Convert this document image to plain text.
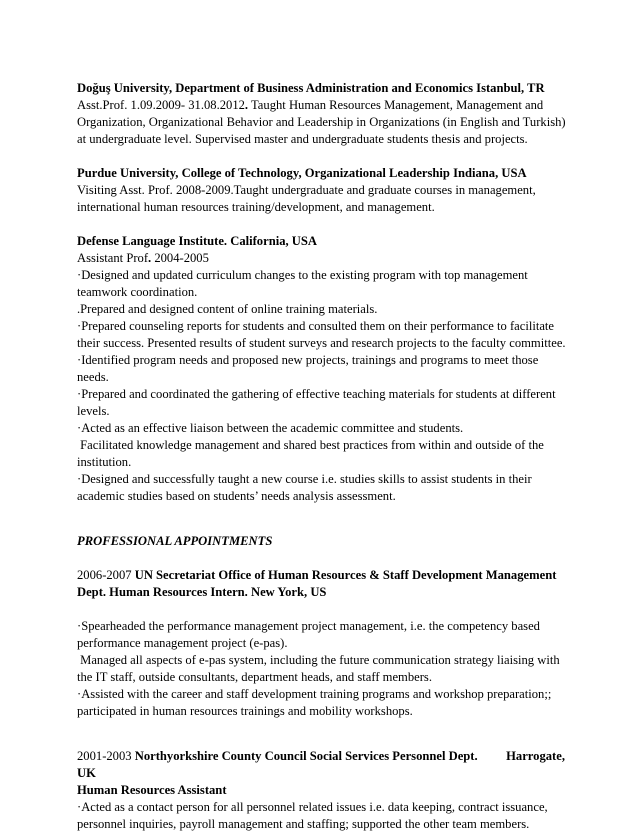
Doğuş University, Department of Business Administration and Economics Istanbul, TR
Asst.Prof. 1.09.2009- 31.08.2012. Taught Human Resources Management, Management and
Organization, Organizational Behavior and Leadership in Organizations (in English and Turkish)
at undergraduate level. Supervised master and undergraduate students thesis and projects.
Purdue University, College of Technology, Organizational Leadership Indiana, USA
Visiting Asst. Prof. 2008-2009.Taught undergraduate and graduate courses in management,
international human resources training/development, and management.
Defense Language Institute. California, USA
Assistant Prof. 2004-2005
·Designed and updated curriculum changes to the existing program with top management
teamwork coordination.
.Prepared and designed content of online training materials.
·Prepared counseling reports for students and consulted them on their performance to facilitate
their success. Presented results of student surveys and research projects to the faculty committee.
·Identified program needs and proposed new projects, trainings and programs to meet those
needs.
·Prepared and coordinated the gathering of effective teaching materials for students at different
levels.
·Acted as an effective liaison between the academic committee and students.
Facilitated knowledge management and shared best practices from within and outside of the
institution.
·Designed and successfully taught a new course i.e. studies skills to assist students in their
academic studies based on students’ needs analysis assessment.
PROFESSIONAL APPOINTMENTS
2006-2007 UN Secretariat Office of Human Resources & Staff Development Management
Dept. Human Resources Intern. New York, US
·Spearheaded the performance management project management, i.e. the competency based
performance management project (e-pas).
Managed all aspects of e-pas system, including the future communication strategy liaising with
the IT staff, outside consultants, department heads, and staff members.
·Assisted with the career and staff development training programs and workshop preparation;;
participated in human resources trainings and mobility workshops.
2001-2003 Northyorkshire County Council Social Services Personnel Dept. Harrogate,
UK
Human Resources Assistant
·Acted as a contact person for all personnel related issues i.e. data keeping, contract issuance,
personnel inquiries, payroll management and staffing; supported the other team members.
